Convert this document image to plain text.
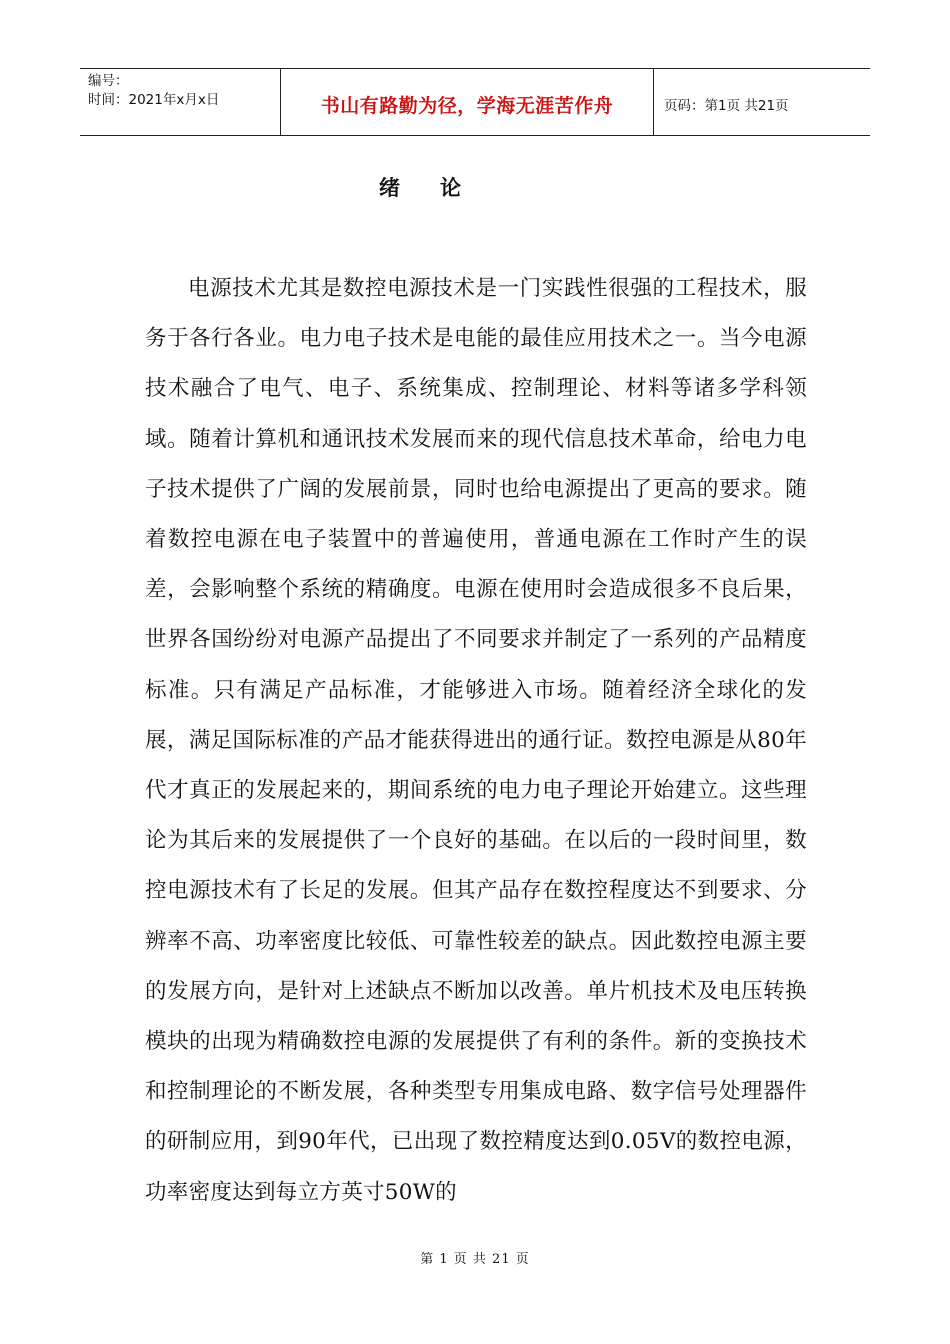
编号：
时间：2021年x月x日	书山有路勤为径，学海无涯苦作舟	页码：第1页 共21页
绪论

电源技术尤其是数控电源技术是一门实践性很强的工程技术，服务于各行各业。电力电子技术是电能的最佳应用技术之一。当今电源技术融合了电气、电子、系统集成、控制理论、材料等诸多学科领域。随着计算机和通讯技术发展而来的现代信息技术革命，给电力电子技术提供了广阔的发展前景，同时也给电源提出了更高的要求。随着数控电源在电子装置中的普遍使用，普通电源在工作时产生的误差，会影响整个系统的精确度。电源在使用时会造成很多不良后果，世界各国纷纷对电源产品提出了不同要求并制定了一系列的产品精度标准。只有满足产品标准，才能够进入市场。随着经济全球化的发展，满足国际标准的产品才能获得进出的通行证。数控电源是从80年代才真正的发展起来的，期间系统的电力电子理论开始建立。这些理论为其后来的发展提供了一个良好的基础。在以后的一段时间里，数控电源技术有了长足的发展。但其产品存在数控程度达不到要求、分辨率不高、功率密度比较低、可靠性较差的缺点。因此数控电源主要的发展方向，是针对上述缺点不断加以改善。单片机技术及电压转换模块的出现为精确数控电源的发展提供了有利的条件。新的变换技术和控制理论的不断发展，各种类型专用集成电路、数字信号处理器件的研制应用，到90年代，已出现了数控精度达到0.05V的数控电源，功率密度达到每立方英寸50W的

第 1 页 共 21 页
